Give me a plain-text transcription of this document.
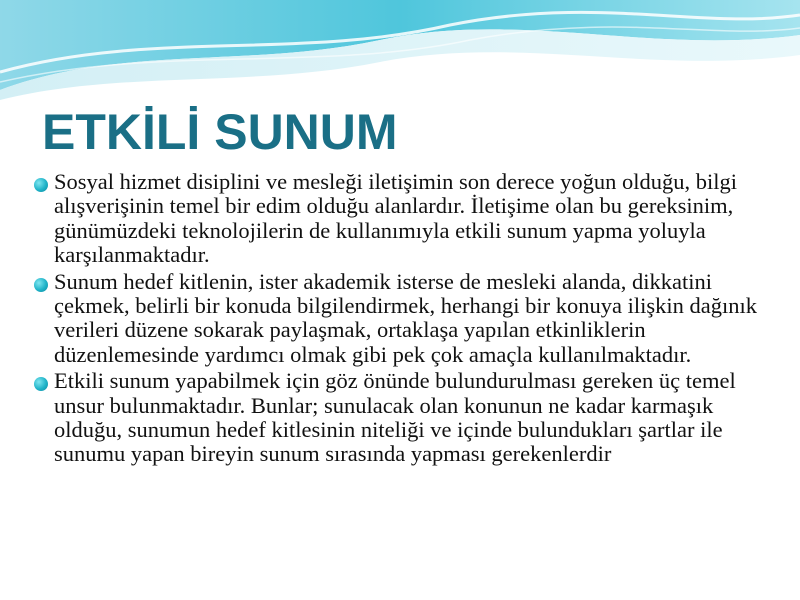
ETKİLİ SUNUM
Sosyal hizmet disiplini ve mesleği iletişimin son derece yoğun olduğu, bilgi alışverişinin temel bir edim olduğu alanlardır. İletişime olan bu gereksinim, günümüzdeki teknolojilerin de kullanımıyla etkili sunum yapma yoluyla karşılanmaktadır.
Sunum hedef kitlenin, ister akademik isterse de mesleki alanda, dikkatini çekmek, belirli bir konuda bilgilendirmek, herhangi bir konuya ilişkin dağınık verileri düzene sokarak paylaşmak, ortaklaşa yapılan etkinliklerin düzenlemesinde yardımcı olmak gibi pek çok amaçla kullanılmaktadır.
Etkili sunum yapabilmek için göz önünde bulundurulması gereken üç temel unsur bulunmaktadır. Bunlar; sunulacak olan konunun ne kadar karmaşık olduğu, sunumun hedef kitlesinin niteliği ve içinde bulundukları şartlar ile sunumu yapan bireyin sunum sırasında yapması gerekenlerdir
